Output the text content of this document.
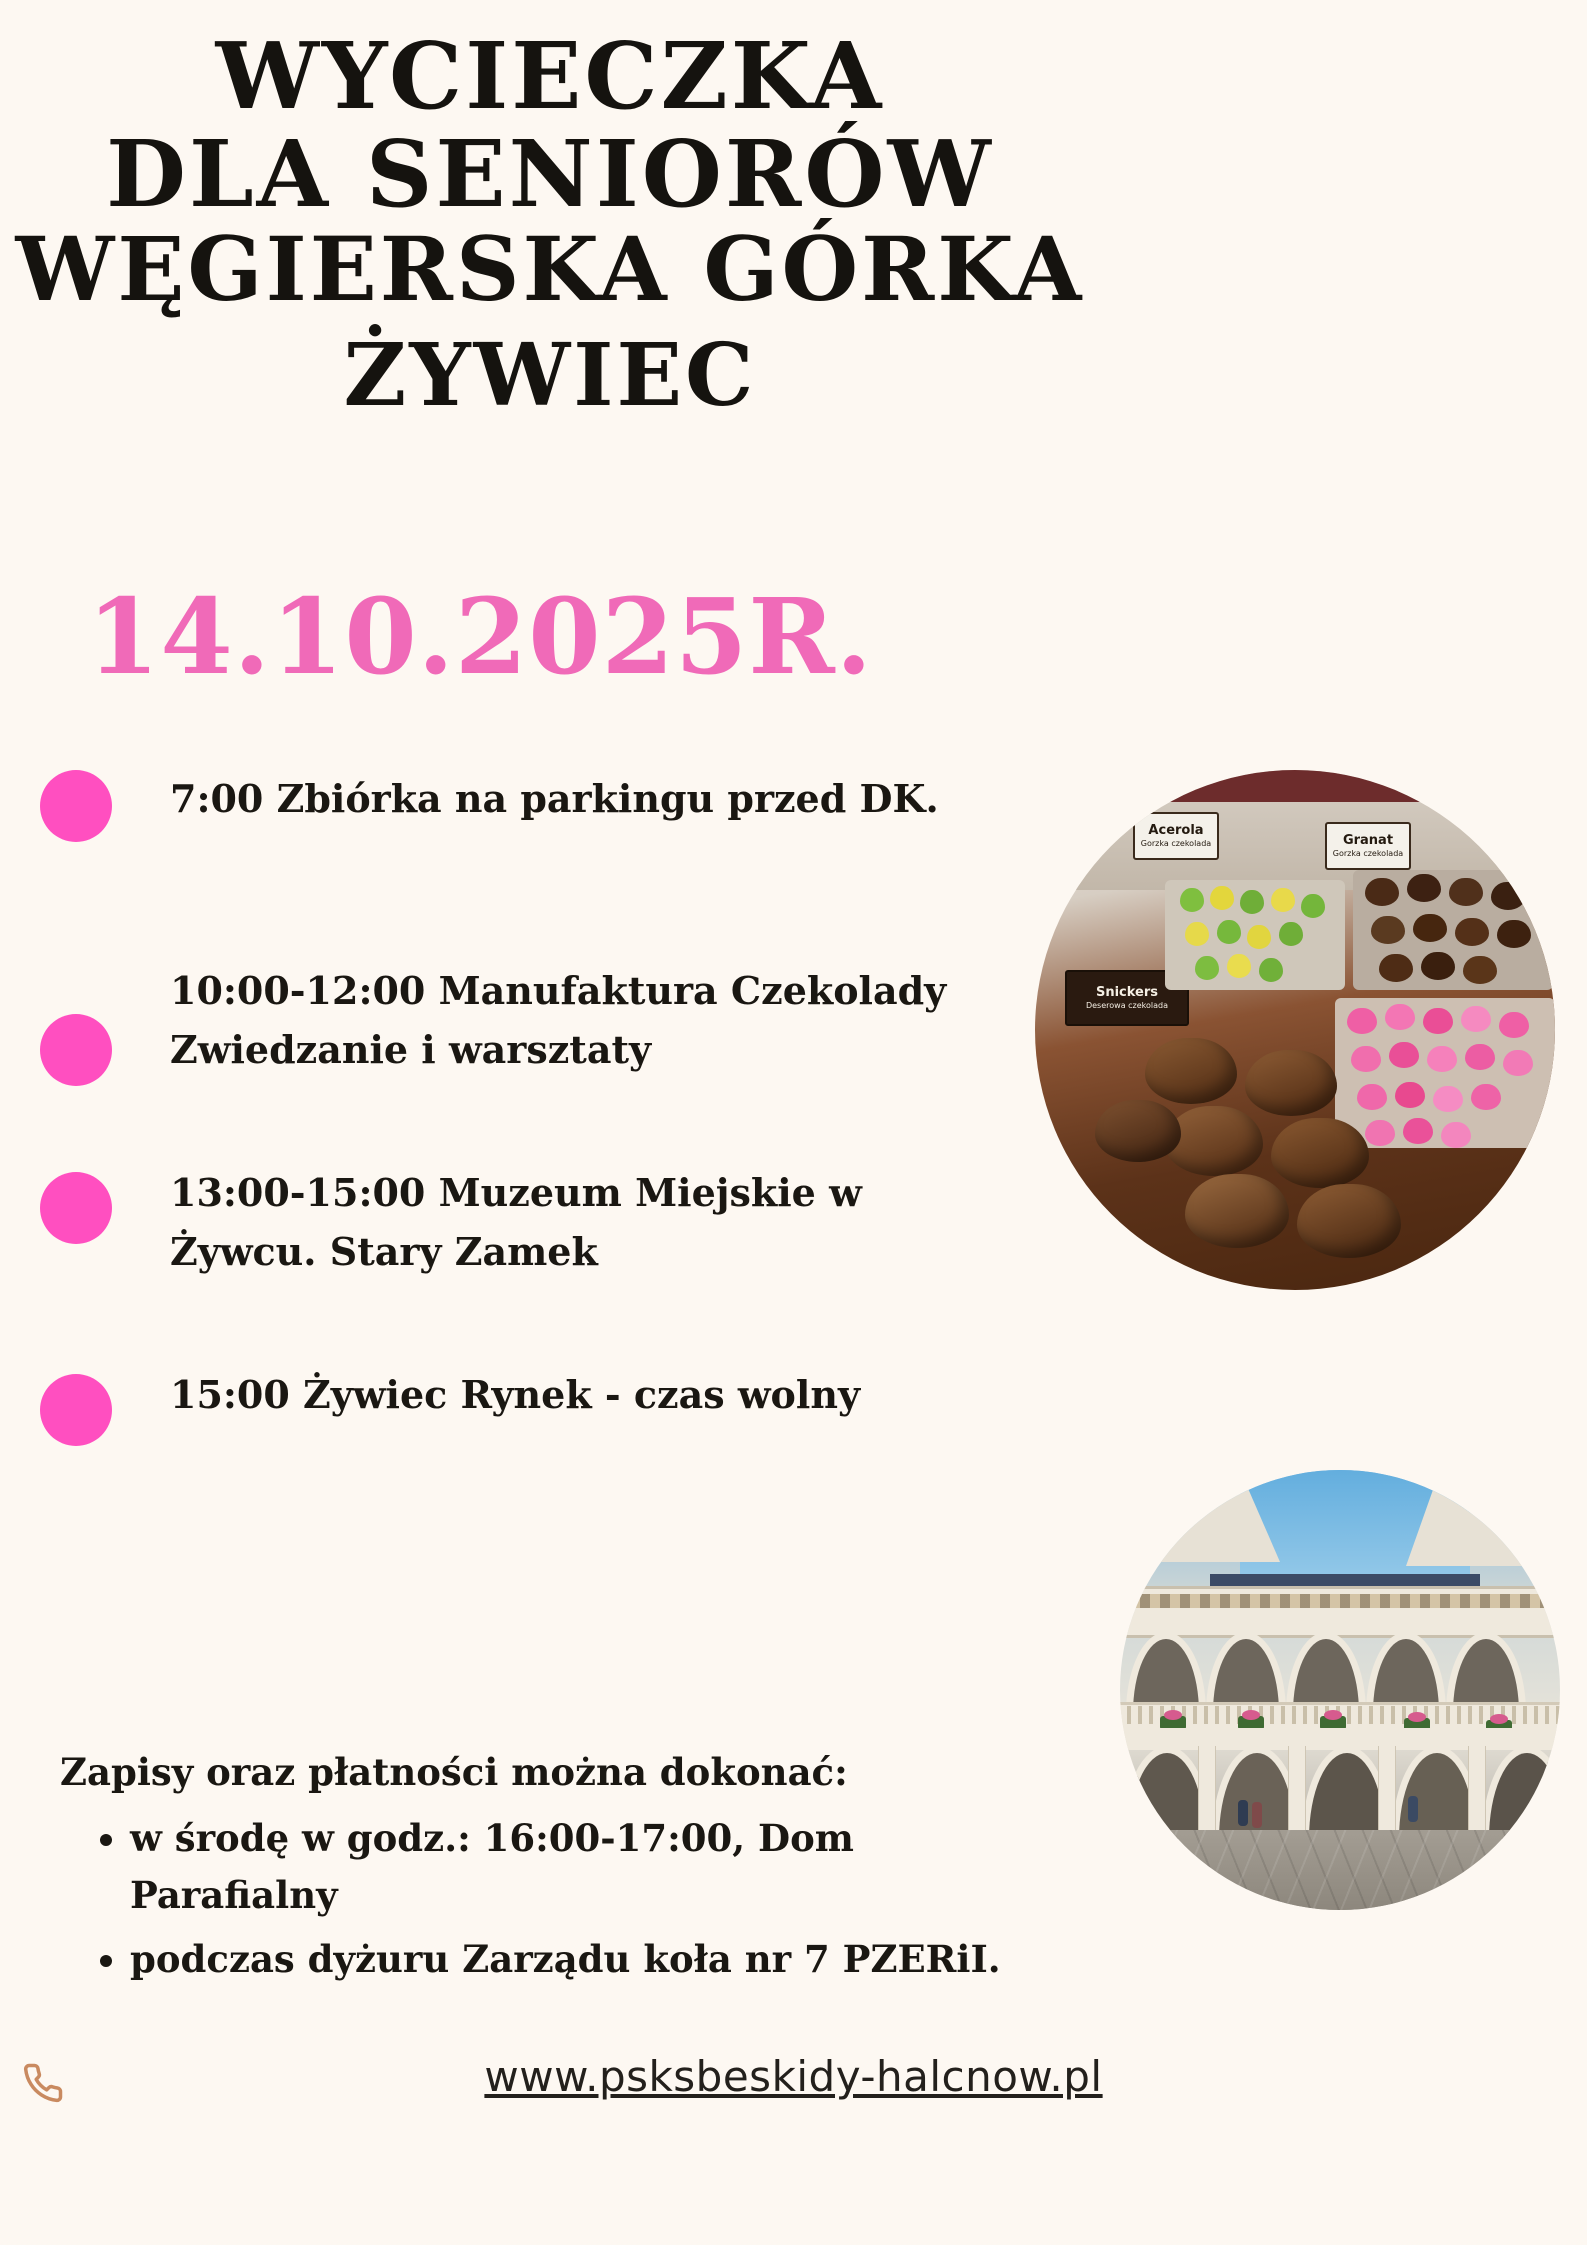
WYCIECZKA
DLA SENIORÓW
WĘGIERSKA GÓRKA
ŻYWIEC
14.10.2025R.
7:00 Zbiórka na parkingu przed DK.
10:00-12:00 Manufaktura Czekolady Zwiedzanie i warsztaty
13:00-15:00 Muzeum Miejskie w Żywcu. Stary Zamek
15:00 Żywiec Rynek - czas wolny
Zapisy oraz płatności można dokonać:
• w środę w godz.: 16:00-17:00, Dom Parafialny
• podczas dyżuru Zarządu koła nr 7 PZERiI.
www.psksbeskidy-halcnow.pl
Snickers
Deserowa czekolada
Acerola
Gorzka czekolada	Granat
Gorzka czekolada
